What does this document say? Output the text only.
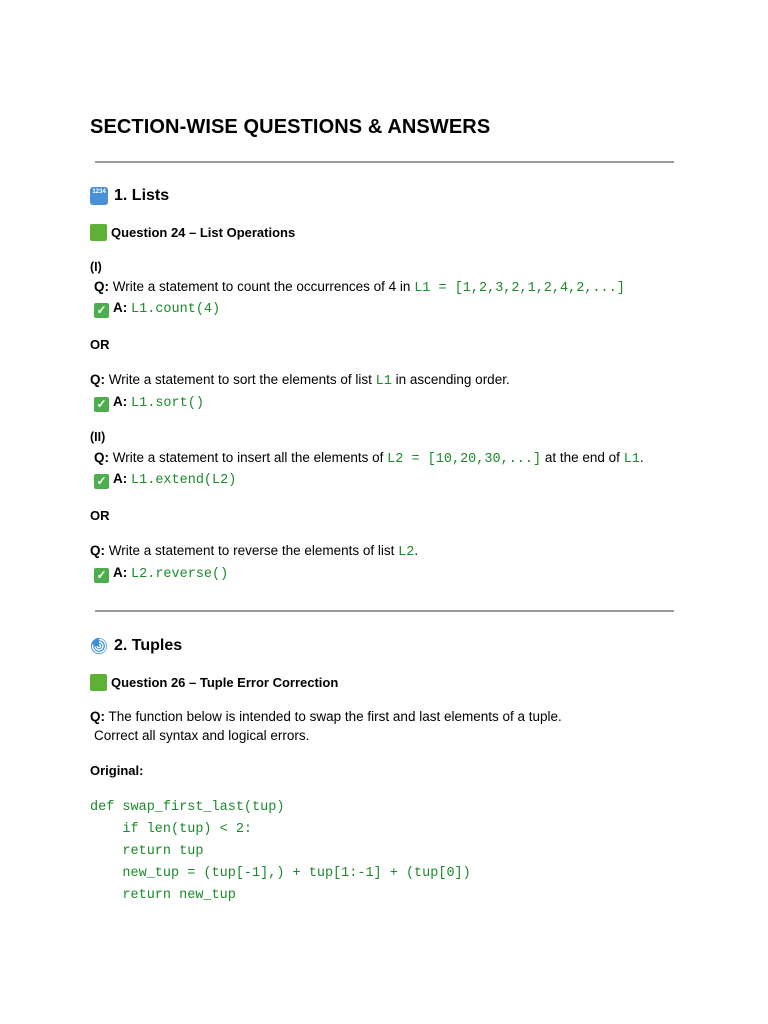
SECTION-WISE QUESTIONS & ANSWERS
1234 1. Lists
Question 24 – List Operations

(I)

Q: Write a statement to count the occurrences of 4 in L1 = [1,2,3,2,1,2,4,2,...]

✓ A: L1.count(4)

OR

Q: Write a statement to sort the elements of list L1 in ascending order.

✓ A: L1.sort()

(II)

Q: Write a statement to insert all the elements of L2 = [10,20,30,...] at the end of L1.

✓ A: L1.extend(L2)

OR

Q: Write a statement to reverse the elements of list L2.

✓ A: L2.reverse()

2. Tuples
Question 26 – Tuple Error Correction

Q: The function below is intended to swap the first and last elements of a tuple.

Correct all syntax and logical errors.

Original:

def swap_first_last(tup)
if len(tup) < 2:
return tup
new_tup = (tup[-1],) + tup[1:-1] + (tup[0])
return new_tup
